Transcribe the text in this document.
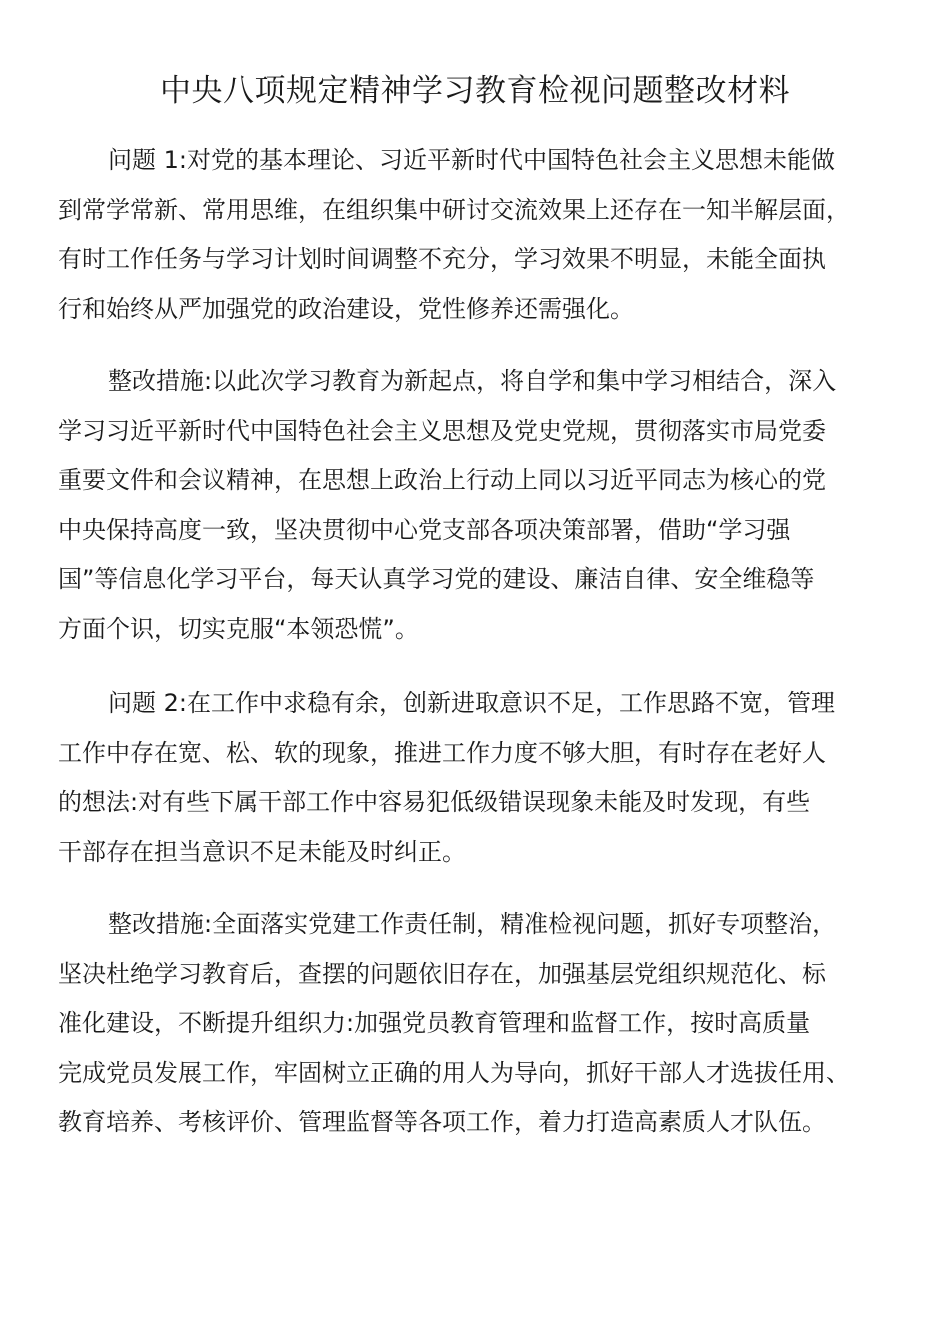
中央八项规定精神学习教育检视问题整改材料
问题 1:对党的基本理论、习近平新时代中国特色社会主义思想未能做
到常学常新、常用思维，在组织集中研讨交流效果上还存在一知半解层面，
有时工作任务与学习计划时间调整不充分，学习效果不明显，未能全面执
行和始终从严加强党的政治建设，党性修养还需强化。
整改措施:以此次学习教育为新起点，将自学和集中学习相结合，深入
学习习近平新时代中国特色社会主义思想及党史党规，贯彻落实市局党委
重要文件和会议精神，在思想上政治上行动上同以习近平同志为核心的党
中央保持高度一致，坚决贯彻中心党支部各项决策部署，借助“学习强
国”等信息化学习平台，每天认真学习党的建设、廉洁自律、安全维稳等
方面个识，切实克服“本领恐慌”。
问题 2:在工作中求稳有余，创新进取意识不足，工作思路不宽，管理
工作中存在宽、松、软的现象，推进工作力度不够大胆，有时存在老好人
的想法:对有些下属干部工作中容易犯低级错误现象未能及时发现，有些
干部存在担当意识不足未能及时纠正。
整改措施:全面落实党建工作责任制，精准检视问题，抓好专项整治，
坚决杜绝学习教育后，查摆的问题依旧存在，加强基层党组织规范化、标
准化建设，不断提升组织力:加强党员教育管理和监督工作，按时高质量
完成党员发展工作，牢固树立正确的用人为导向，抓好干部人才选拔任用、
教育培养、考核评价、管理监督等各项工作，着力打造高素质人才队伍。
